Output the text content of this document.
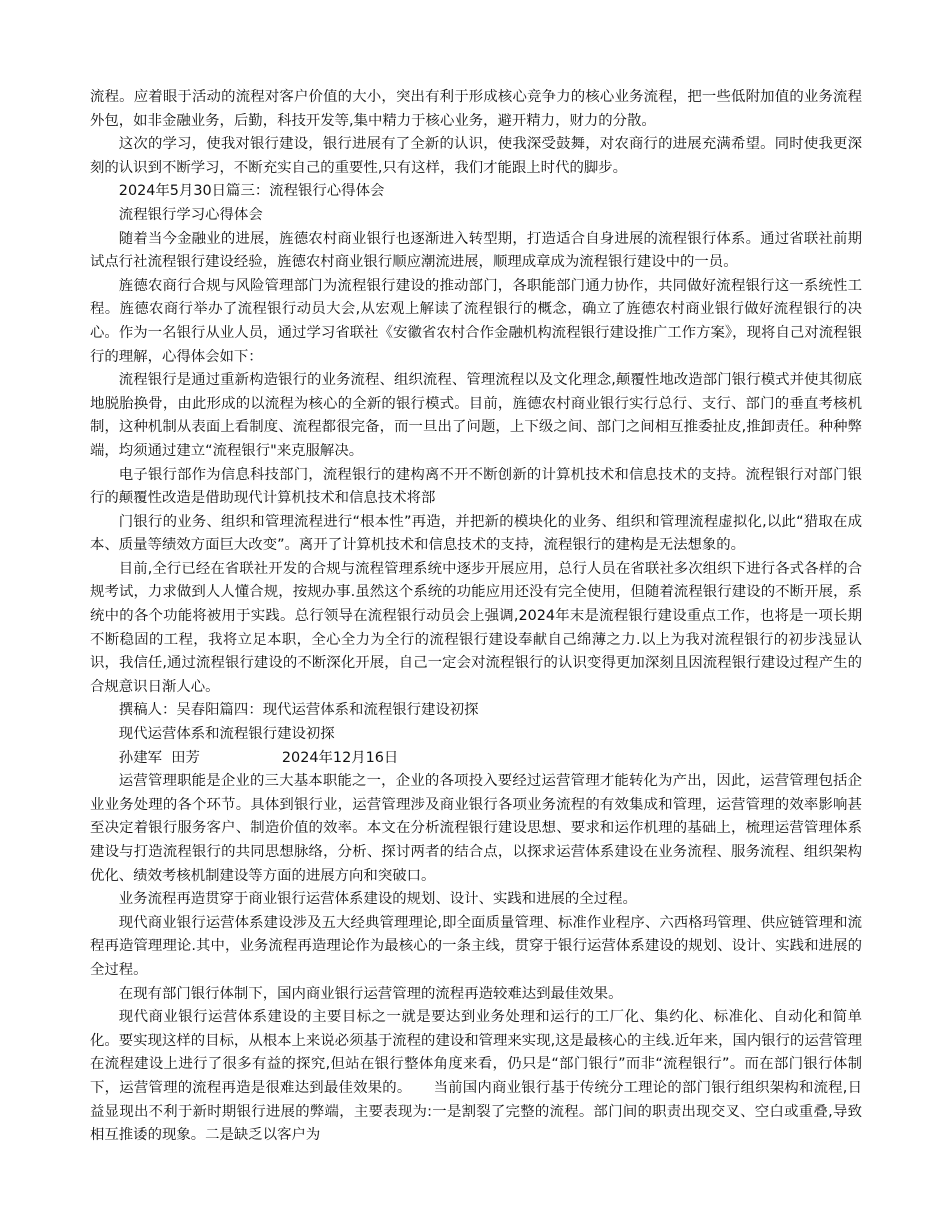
流程。应着眼于活动的流程对客户价值的大小，突出有利于形成核心竞争力的核心业务流程，把一些低附加值的业务流程外包，如非金融业务，后勤，科技开发等,集中精力于核心业务，避开精力，财力的分散。

这次的学习，使我对银行建设，银行进展有了全新的认识，使我深受鼓舞，对农商行的进展充满希望。同时使我更深刻的认识到不断学习，不断充实自己的重要性,只有这样，我们才能跟上时代的脚步。

2024年5月30日篇三：流程银行心得体会

流程银行学习心得体会

随着当今金融业的进展，旌德农村商业银行也逐渐进入转型期，打造适合自身进展的流程银行体系。通过省联社前期试点行社流程银行建设经验，旌德农村商业银行顺应潮流进展，顺理成章成为流程银行建设中的一员。

旌德农商行合规与风险管理部门为流程银行建设的推动部门，各职能部门通力协作，共同做好流程银行这一系统性工程。旌德农商行举办了流程银行动员大会,从宏观上解读了流程银行的概念，确立了旌德农村商业银行做好流程银行的决心。作为一名银行从业人员，通过学习省联社《安徽省农村合作金融机构流程银行建设推广工作方案》，现将自己对流程银行的理解，心得体会如下：

流程银行是通过重新构造银行的业务流程、组织流程、管理流程以及文化理念,颠覆性地改造部门银行模式并使其彻底地脱胎换骨，由此形成的以流程为核心的全新的银行模式。目前，旌德农村商业银行实行总行、支行、部门的垂直考核机制，这种机制从表面上看制度、流程都很完备，而一旦出了问题，上下级之间、部门之间相互推委扯皮,推卸责任。种种弊端，均须通过建立“流程银行"来克服解决。

电子银行部作为信息科技部门，流程银行的建构离不开不断创新的计算机技术和信息技术的支持。流程银行对部门银行的颠覆性改造是借助现代计算机技术和信息技术将部

门银行的业务、组织和管理流程进行“根本性”再造，并把新的模块化的业务、组织和管理流程虚拟化,以此“猎取在成本、质量等绩效方面巨大改变”。离开了计算机技术和信息技术的支持，流程银行的建构是无法想象的。

目前,全行已经在省联社开发的合规与流程管理系统中逐步开展应用，总行人员在省联社多次组织下进行各式各样的合规考试，力求做到人人懂合规，按规办事.虽然这个系统的功能应用还没有完全使用，但随着流程银行建设的不断开展，系统中的各个功能将被用于实践。总行领导在流程银行动员会上强调,2024年末是流程银行建设重点工作，也将是一项长期不断稳固的工程，我将立足本职，全心全力为全行的流程银行建设奉献自己绵薄之力.以上为我对流程银行的初步浅显认识，我信任,通过流程银行建设的不断深化开展，自己一定会对流程银行的认识变得更加深刻且因流程银行建设过程产生的合规意识日渐人心。

撰稿人：吴春阳篇四：现代运营体系和流程银行建设初探

现代运营体系和流程银行建设初探

孙建军  田芳	2024年12月16日

运营管理职能是企业的三大基本职能之一，企业的各项投入要经过运营管理才能转化为产出，因此，运营管理包括企业业务处理的各个环节。具体到银行业，运营管理涉及商业银行各项业务流程的有效集成和管理，运营管理的效率影响甚至决定着银行服务客户、制造价值的效率。本文在分析流程银行建设思想、要求和运作机理的基础上，梳理运营管理体系建设与打造流程银行的共同思想脉络，分析、探讨两者的结合点，以探求运营体系建设在业务流程、服务流程、组织架构优化、绩效考核机制建设等方面的进展方向和突破口。

业务流程再造贯穿于商业银行运营体系建设的规划、设计、实践和进展的全过程。

现代商业银行运营体系建设涉及五大经典管理理论,即全面质量管理、标准作业程序、六西格玛管理、供应链管理和流程再造管理理论.其中，业务流程再造理论作为最核心的一条主线，贯穿于银行运营体系建设的规划、设计、实践和进展的全过程。

在现有部门银行体制下，国内商业银行运营管理的流程再造较难达到最佳效果。

现代商业银行运营体系建设的主要目标之一就是要达到业务处理和运行的工厂化、集约化、标准化、自动化和简单化。要实现这样的目标，从根本上来说必须基于流程的建设和管理来实现,这是最核心的主线.近年来，国内银行的运营管理在流程建设上进行了很多有益的探究,但站在银行整体角度来看，仍只是“部门银行”而非“流程银行”。而在部门银行体制下，运营管理的流程再造是很难达到最佳效果的。　　当前国内商业银行基于传统分工理论的部门银行组织架构和流程,日益显现出不利于新时期银行进展的弊端，主要表现为:一是割裂了完整的流程。部门间的职责出现交叉、空白或重叠,导致相互推诿的现象。二是缺乏以客户为
